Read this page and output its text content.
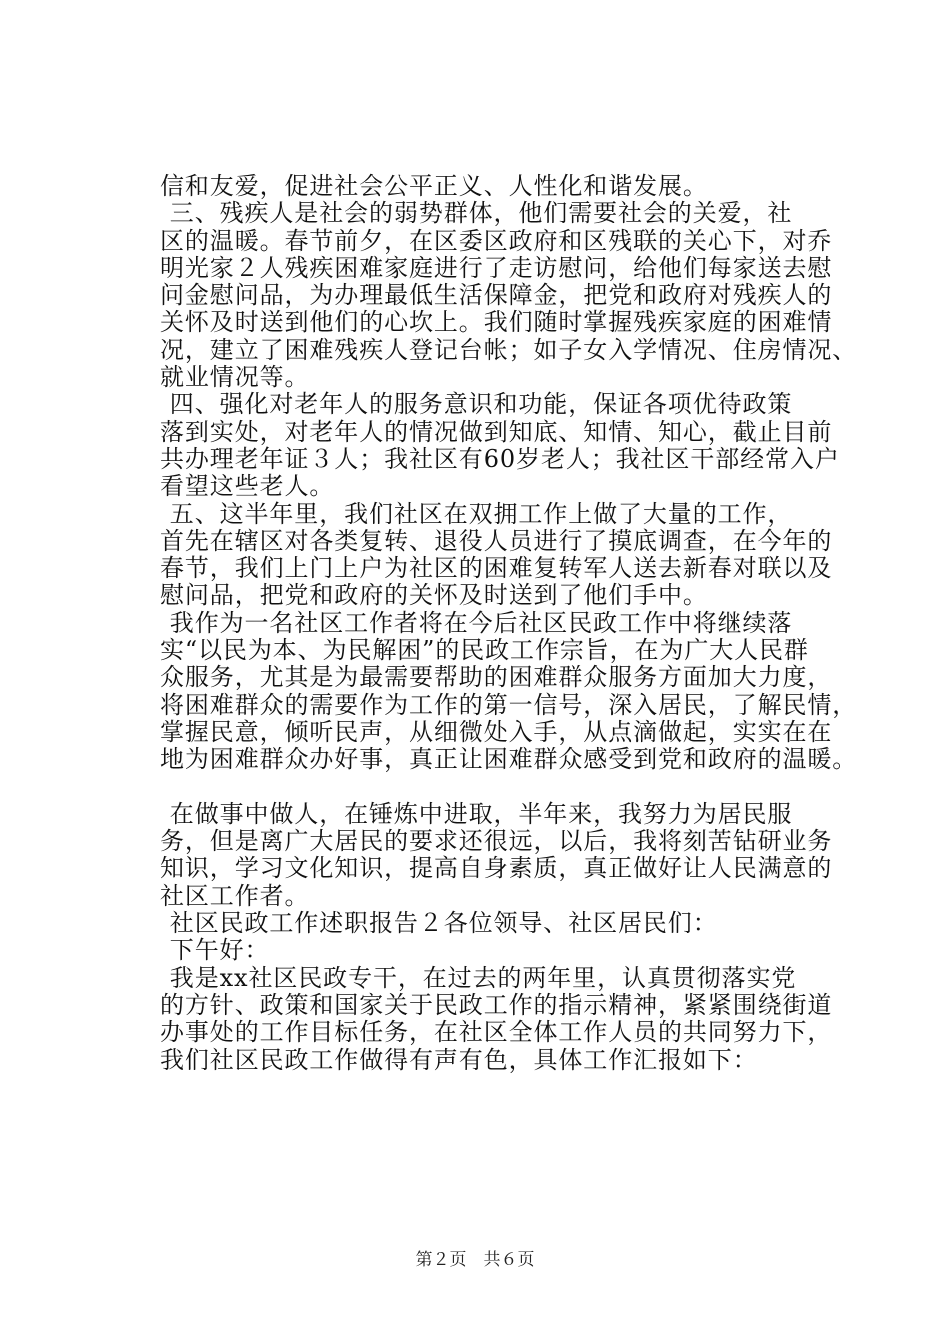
信和友爱，促进社会公平正义、人性化和谐发展。
　　三、残疾人是社会的弱势群体，他们需要社会的关爱，社
区的温暖。春节前夕，在区委区政府和区残联的关心下，对乔
明光家２人残疾困难家庭进行了走访慰问，给他们每家送去慰
问金慰问品，为办理最低生活保障金，把党和政府对残疾人的
关怀及时送到他们的心坎上。我们随时掌握残疾家庭的困难情
况，建立了困难残疾人登记台帐；如子女入学情况、住房情况、
就业情况等。
　　四、强化对老年人的服务意识和功能，保证各项优待政策
落到实处，对老年人的情况做到知底、知情、知心，截止目前
共办理老年证３人；我社区有60岁老人；我社区干部经常入户
看望这些老人。
　　五、这半年里，我们社区在双拥工作上做了大量的工作，
首先在辖区对各类复转、退役人员进行了摸底调查，在今年的
春节，我们上门上户为社区的困难复转军人送去新春对联以及
慰问品，把党和政府的关怀及时送到了他们手中。
　　我作为一名社区工作者将在今后社区民政工作中将继续落
实“以民为本、为民解困”的民政工作宗旨，在为广大人民群
众服务，尤其是为最需要帮助的困难群众服务方面加大力度，
将困难群众的需要作为工作的第一信号，深入居民，了解民情，
掌握民意，倾听民声，从细微处入手，从点滴做起，实实在在
地为困难群众办好事，真正让困难群众感受到党和政府的温暖。
　　在做事中做人，在锤炼中进取，半年来，我努力为居民服
务，但是离广大居民的要求还很远，以后，我将刻苦钻研业务
知识，学习文化知识，提高自身素质，真正做好让人民满意的
社区工作者。
　　社区民政工作述职报告２各位领导、社区居民们：
　　下午好：
　　我是xx社区民政专干，在过去的两年里，认真贯彻落实党
的方针、政策和国家关于民政工作的指示精神，紧紧围绕街道
办事处的工作目标任务，在社区全体工作人员的共同努力下，
我们社区民政工作做得有声有色，具体工作汇报如下：
第２页　共６页
